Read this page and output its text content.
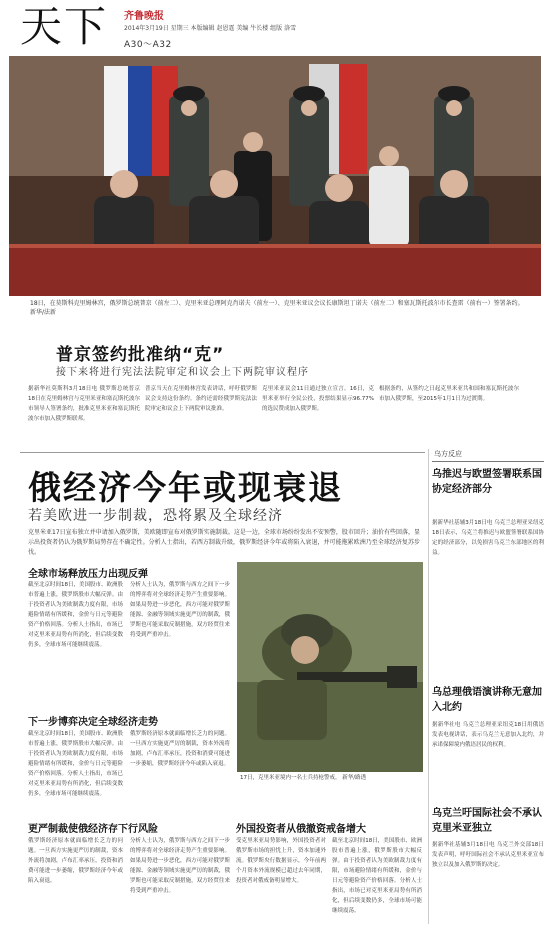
天下 齐鲁晚报
2014年3月19日 星期三 本版编辑 赵恩霆 美编 牛长楼 组版 洛雪
A30～A32
18日，在莫斯科克里姆林宫，俄罗斯总统普京（前左二）、克里米亚总理阿克肖诺夫（前左一）、克里米亚议会议长康斯坦丁诺夫（前左二）和塞瓦斯托波尔市长查雷（前右一）签署条约。 新华/法新
普京签约批准纳“克”
接下来将进行宪法法院审定和议会上下两院审议程序
据新华社莫斯科3月18日电 俄罗斯总统普京18日在克里姆林宫与克里米亚和塞瓦斯托波尔市领导人签署条约，批准克里米亚和塞瓦斯托波尔市加入俄罗斯联邦。
普京当天在克里姆林宫发表讲话，呼吁俄罗斯议会支持这份条约。条约还需经俄罗斯宪法法院审定和议会上下两院审议批准。
克里米亚议会11日通过独立宣言。16日，克里米亚举行全民公投，投票结果显示96.77%的选民赞成加入俄罗斯。
根据条约，从签约之日起克里米亚共和国和塞瓦斯托波尔市加入俄罗斯，至2015年1月1日为过渡期。
俄经济今年或现衰退
若美欧进一步制裁，恐将累及全球经济
克里米亚17日宣布独立并申请加入俄罗斯，美欧随即宣布对俄罗斯实施制裁。这是一边，全球市场纷纷发出不安预警，股市回升；油价有些回落，显示出投资者仍认为俄罗斯局势存在不确定性。分析人士指出，若西方制裁升级，俄罗斯经济今年或将陷入衰退，并可能拖累欧洲乃至全球经济复苏步伐。
全球市场释放压力出现反弹
截至北京时间18日，美国股市、欧洲股市普遍上涨，俄罗斯股市大幅反弹。由于投资者认为美欧制裁力度有限，市场避险情绪有所缓和，金价与日元等避险资产价格回落。分析人士指出，市场已对克里米亚局势有所消化，但后续变数仍多，全球市场可能继续震荡。
分析人士认为，俄罗斯与西方之间下一步的博弈将对全球经济走势产生重要影响。如果局势进一步恶化，西方可能对俄罗斯能源、金融等领域实施更严厉的制裁，俄罗斯也可能采取反制措施，双方经贸往来将受到严重冲击。
下一步博弈决定全球经济走势
截至北京时间18日，美国股市、欧洲股市普遍上涨，俄罗斯股市大幅反弹。由于投资者认为美欧制裁力度有限，市场避险情绪有所缓和，金价与日元等避险资产价格回落。分析人士指出，市场已对克里米亚局势有所消化，但后续变数仍多，全球市场可能继续震荡。
俄罗斯经济原本就面临增长乏力的问题。一旦西方实施更严厉的制裁，资本外流将加剧，卢布汇率承压，投资和消费可能进一步萎缩，俄罗斯经济今年或陷入衰退。
更严制裁使俄经济存下行风险
俄罗斯经济原本就面临增长乏力的问题。一旦西方实施更严厉的制裁，资本外流将加剧，卢布汇率承压，投资和消费可能进一步萎缩，俄罗斯经济今年或陷入衰退。
分析人士认为，俄罗斯与西方之间下一步的博弈将对全球经济走势产生重要影响。如果局势进一步恶化，西方可能对俄罗斯能源、金融等领域实施更严厉的制裁，俄罗斯也可能采取反制措施，双方经贸往来将受到严重冲击。
17日，克里米亚境内一名士兵持枪警戒。 新华/路透
外国投资者从俄撤资戒备增大
受克里米亚局势影响，外国投资者对俄罗斯市场的担忧上升，资本加速外流。俄罗斯央行数据显示，今年前两个月资本外流规模已超过去年同期，投资者对俄戒备明显增大。
截至北京时间18日，美国股市、欧洲股市普遍上涨，俄罗斯股市大幅反弹。由于投资者认为美欧制裁力度有限，市场避险情绪有所缓和，金价与日元等避险资产价格回落。分析人士指出，市场已对克里米亚局势有所消化，但后续变数仍多，全球市场可能继续震荡。
乌方反应
乌推迟与欧盟签署联系国协定经济部分
据新华社基辅3月18日电 乌克兰总理亚采纽克18日表示，乌克兰将推迟与欧盟签署联系国协定的经济部分，以免损害乌克兰东部地区的利益。
乌总理俄语演讲称无意加入北约
据新华社电 乌克兰总理亚采纽克18日用俄语发表电视讲话，表示乌克兰无意加入北约，并承诺保障境内俄语居民的权利。
乌克兰吁国际社会不承认克里米亚独立
据新华社基辅3月18日电 乌克兰外交部18日发表声明，呼吁国际社会不承认克里米亚宣布独立以及加入俄罗斯的决定。
